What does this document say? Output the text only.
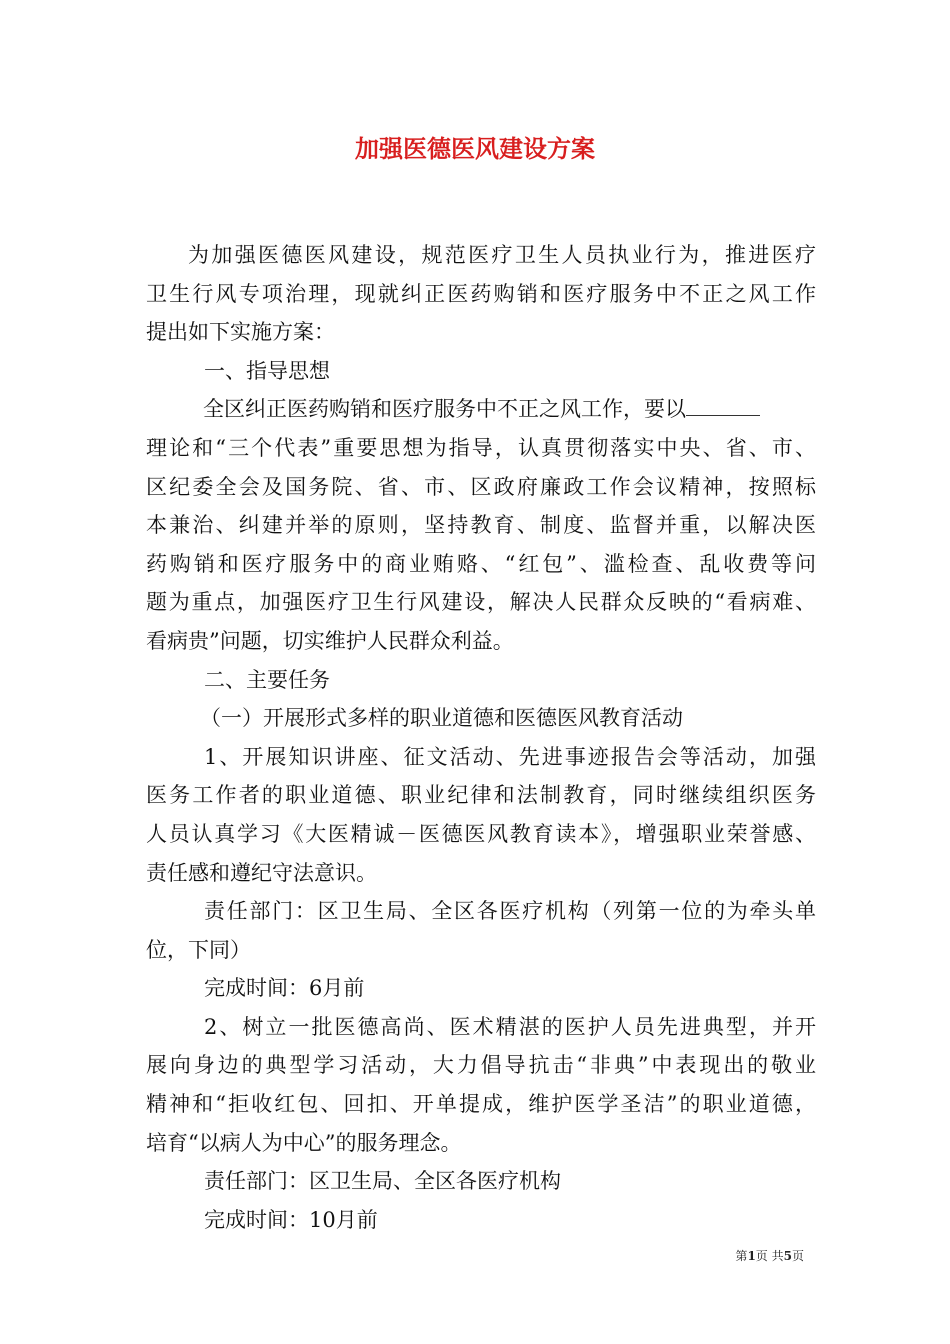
加强医德医风建设方案

为加强医德医风建设，规范医疗卫生人员执业行为，推进医疗

卫生行风专项治理，现就纠正医药购销和医疗服务中不正之风工作

提出如下实施方案：

一、指导思想

全区纠正医药购销和医疗服务中不正之风工作，要以

理论和“三个代表”重要思想为指导，认真贯彻落实中央、省、市、

区纪委全会及国务院、省、市、区政府廉政工作会议精神，按照标

本兼治、纠建并举的原则，坚持教育、制度、监督并重，以解决医

药购销和医疗服务中的商业贿赂、“红包”、滥检查、乱收费等问

题为重点，加强医疗卫生行风建设，解决人民群众反映的“看病难、

看病贵”问题，切实维护人民群众利益。

二、主要任务

（一）开展形式多样的职业道德和医德医风教育活动

1、开展知识讲座、征文活动、先进事迹报告会等活动，加强

医务工作者的职业道德、职业纪律和法制教育，同时继续组织医务

人员认真学习《大医精诚－医德医风教育读本》，增强职业荣誉感、

责任感和遵纪守法意识。

责任部门：区卫生局、全区各医疗机构（列第一位的为牵头单

位，下同）

完成时间：6月前

2、树立一批医德高尚、医术精湛的医护人员先进典型，并开

展向身边的典型学习活动，大力倡导抗击“非典”中表现出的敬业

精神和“拒收红包、回扣、开单提成，维护医学圣洁”的职业道德，

培育“以病人为中心”的服务理念。

责任部门：区卫生局、全区各医疗机构

完成时间：10月前

第1页 共5页
